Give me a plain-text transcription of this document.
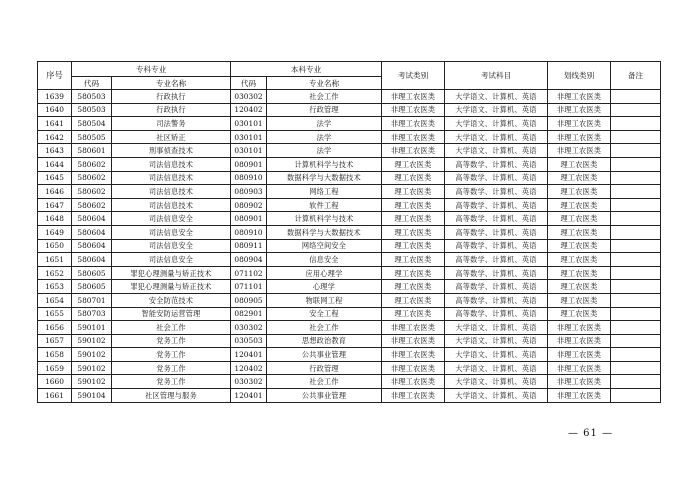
序号	专科专业		本科专业		考试类别	考试科目	划线类别	备注
	代码	专业名称	代码	专业名称				
1639	580503	行政执行	030302	社会工作	非理工农医类	大学语文、计算机、英语	非理工农医类	
1640	580503	行政执行	120402	行政管理	非理工农医类	大学语文、计算机、英语	非理工农医类	
1641	580504	司法警务	030101	法学	非理工农医类	大学语文、计算机、英语	非理工农医类	
1642	580505	社区矫正	030101	法学	非理工农医类	大学语文、计算机、英语	非理工农医类	
1643	580601	刑事侦查技术	030101	法学	非理工农医类	大学语文、计算机、英语	非理工农医类	
1644	580602	司法信息技术	080901	计算机科学与技术	理工农医类	高等数学、计算机、英语	理工农医类	
1645	580602	司法信息技术	080910	数据科学与大数据技术	理工农医类	高等数学、计算机、英语	理工农医类	
1646	580602	司法信息技术	080903	网络工程	理工农医类	高等数学、计算机、英语	理工农医类	
1647	580602	司法信息技术	080902	软件工程	理工农医类	高等数学、计算机、英语	理工农医类	
1648	580604	司法信息安全	080901	计算机科学与技术	理工农医类	高等数学、计算机、英语	理工农医类	
1649	580604	司法信息安全	080910	数据科学与大数据技术	理工农医类	高等数学、计算机、英语	理工农医类	
1650	580604	司法信息安全	080911	网络空间安全	理工农医类	高等数学、计算机、英语	理工农医类	
1651	580604	司法信息安全	080904	信息安全	理工农医类	高等数学、计算机、英语	理工农医类	
1652	580605	罪犯心理测量与矫正技术	071102	应用心理学	理工农医类	高等数学、计算机、英语	理工农医类	
1653	580605	罪犯心理测量与矫正技术	071101	心理学	理工农医类	高等数学、计算机、英语	理工农医类	
1654	580701	安全防范技术	080905	物联网工程	理工农医类	高等数学、计算机、英语	理工农医类	
1655	580703	智能安防运营管理	082901	安全工程	理工农医类	高等数学、计算机、英语	理工农医类	
1656	590101	社会工作	030302	社会工作	非理工农医类	大学语文、计算机、英语	非理工农医类	
1657	590102	党务工作	030503	思想政治教育	非理工农医类	大学语文、计算机、英语	非理工农医类	
1658	590102	党务工作	120401	公共事业管理	非理工农医类	大学语文、计算机、英语	非理工农医类	
1659	590102	党务工作	120402	行政管理	非理工农医类	大学语文、计算机、英语	非理工农医类	
1660	590102	党务工作	030302	社会工作	非理工农医类	大学语文、计算机、英语	非理工农医类	
1661	590104	社区管理与服务	120401	公共事业管理	非理工农医类	大学语文、计算机、英语	非理工农医类	
— 61 —
